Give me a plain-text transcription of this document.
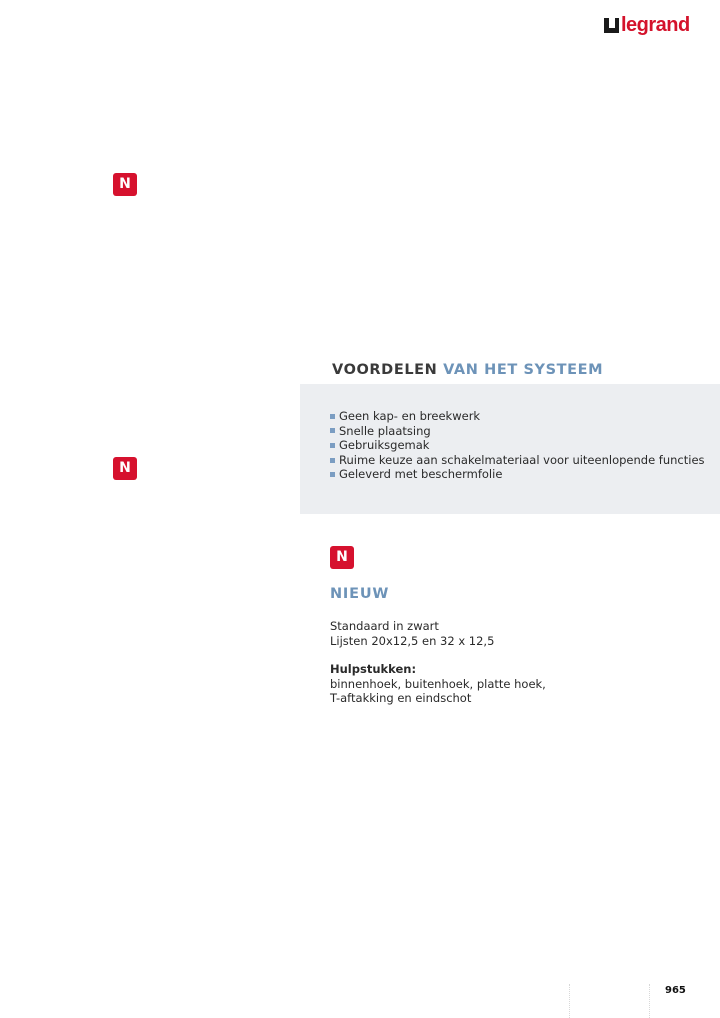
legrand
N
N
VOORDELEN VAN HET SYSTEEM
Geen kap- en breekwerk
Snelle plaatsing
Gebruiksgemak
Ruime keuze aan schakelmateriaal voor uiteenlopende functies
Geleverd met beschermfolie
N
NIEUW
Standaard in zwart
Lijsten 20x12,5 en 32 x 12,5
Hulpstukken:
binnenhoek, buitenhoek, platte hoek,
T-aftakking en eindschot
965
